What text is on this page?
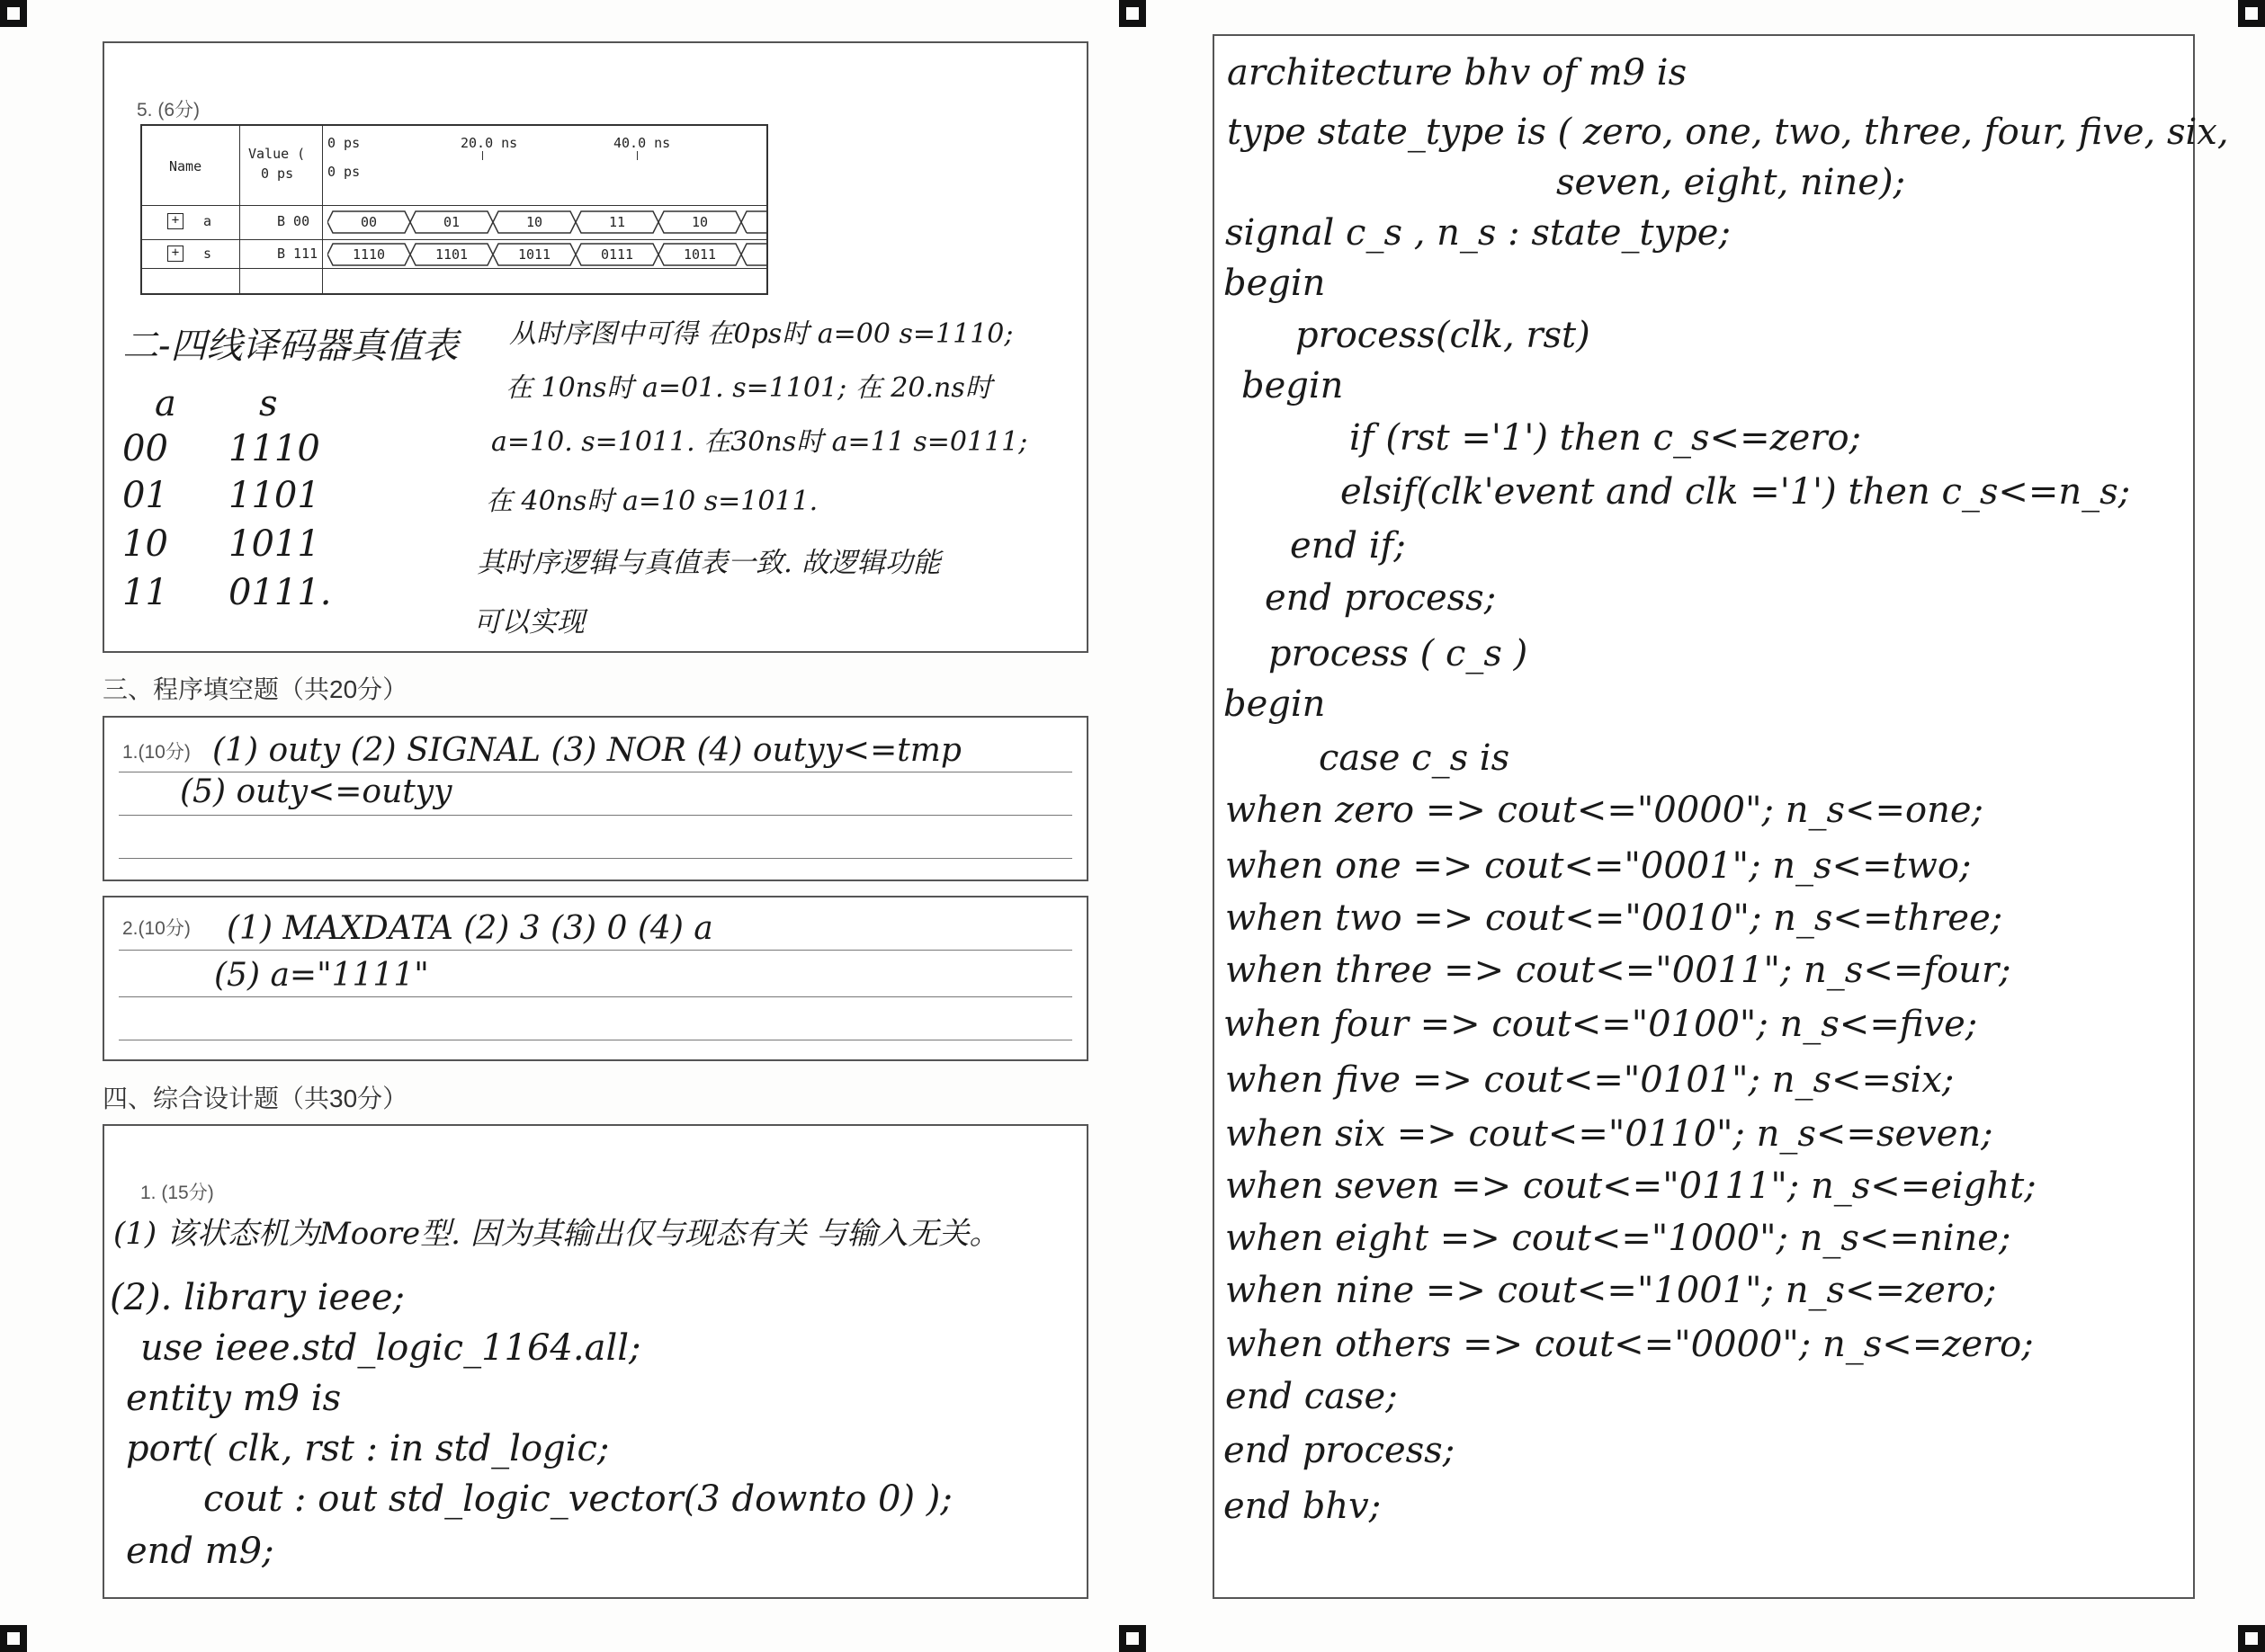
5. (6分)
Name
Value (
0 ps
0 ps	20.0 ns	40.0 ns
0 ps
+	a	B 00	00	01	10	11	10
+	s	B 111	1110	1101	1011	0111	1011
二-四线译码器真值表
a s
00 1110
01 1101
10 1011
11 0111.
从时序图中可得 在0ps时 a=00 s=1110;
在 10ns时 a=01. s=1101; 在 20.ns时
a=10. s=1011. 在30ns时 a=11 s=0111;
在 40ns时 a=10 s=1011.
其时序逻辑与真值表一致. 故逻辑功能
可以实现
三、程序填空题（共20分）
1.(10分) (1) outy (2) SIGNAL (3) NOR (4) outyy<=tmp
(5) outy<=outyy
2.(10分) (1) MAXDATA (2) 3 (3) 0 (4) a
(5) a="1111"
四、综合设计题（共30分）
1. (15分)
(1) 该状态机为Moore型. 因为其输出仅与现态有关 与输入无关。
(2). library ieee;
use ieee.std_logic_1164.all;
entity m9 is
port( clk, rst : in std_logic;
cout : out std_logic_vector(3 downto 0) );
end m9;
architecture bhv of m9 is
type state_type is ( zero, one, two, three, four, five, six,
seven, eight, nine);
signal c_s , n_s : state_type;
begin
process(clk, rst)
begin
if (rst ='1') then c_s<=zero;
elsif(clk'event and clk ='1') then c_s<=n_s;
end if;
end process;
process ( c_s )
begin
case c_s is
when zero => cout<="0000"; n_s<=one;
when one => cout<="0001"; n_s<=two;
when two => cout<="0010"; n_s<=three;
when three => cout<="0011"; n_s<=four;
when four => cout<="0100"; n_s<=five;
when five => cout<="0101"; n_s<=six;
when six => cout<="0110"; n_s<=seven;
when seven => cout<="0111"; n_s<=eight;
when eight => cout<="1000"; n_s<=nine;
when nine => cout<="1001"; n_s<=zero;
when others => cout<="0000"; n_s<=zero;
end case;
end process;
end bhv;
